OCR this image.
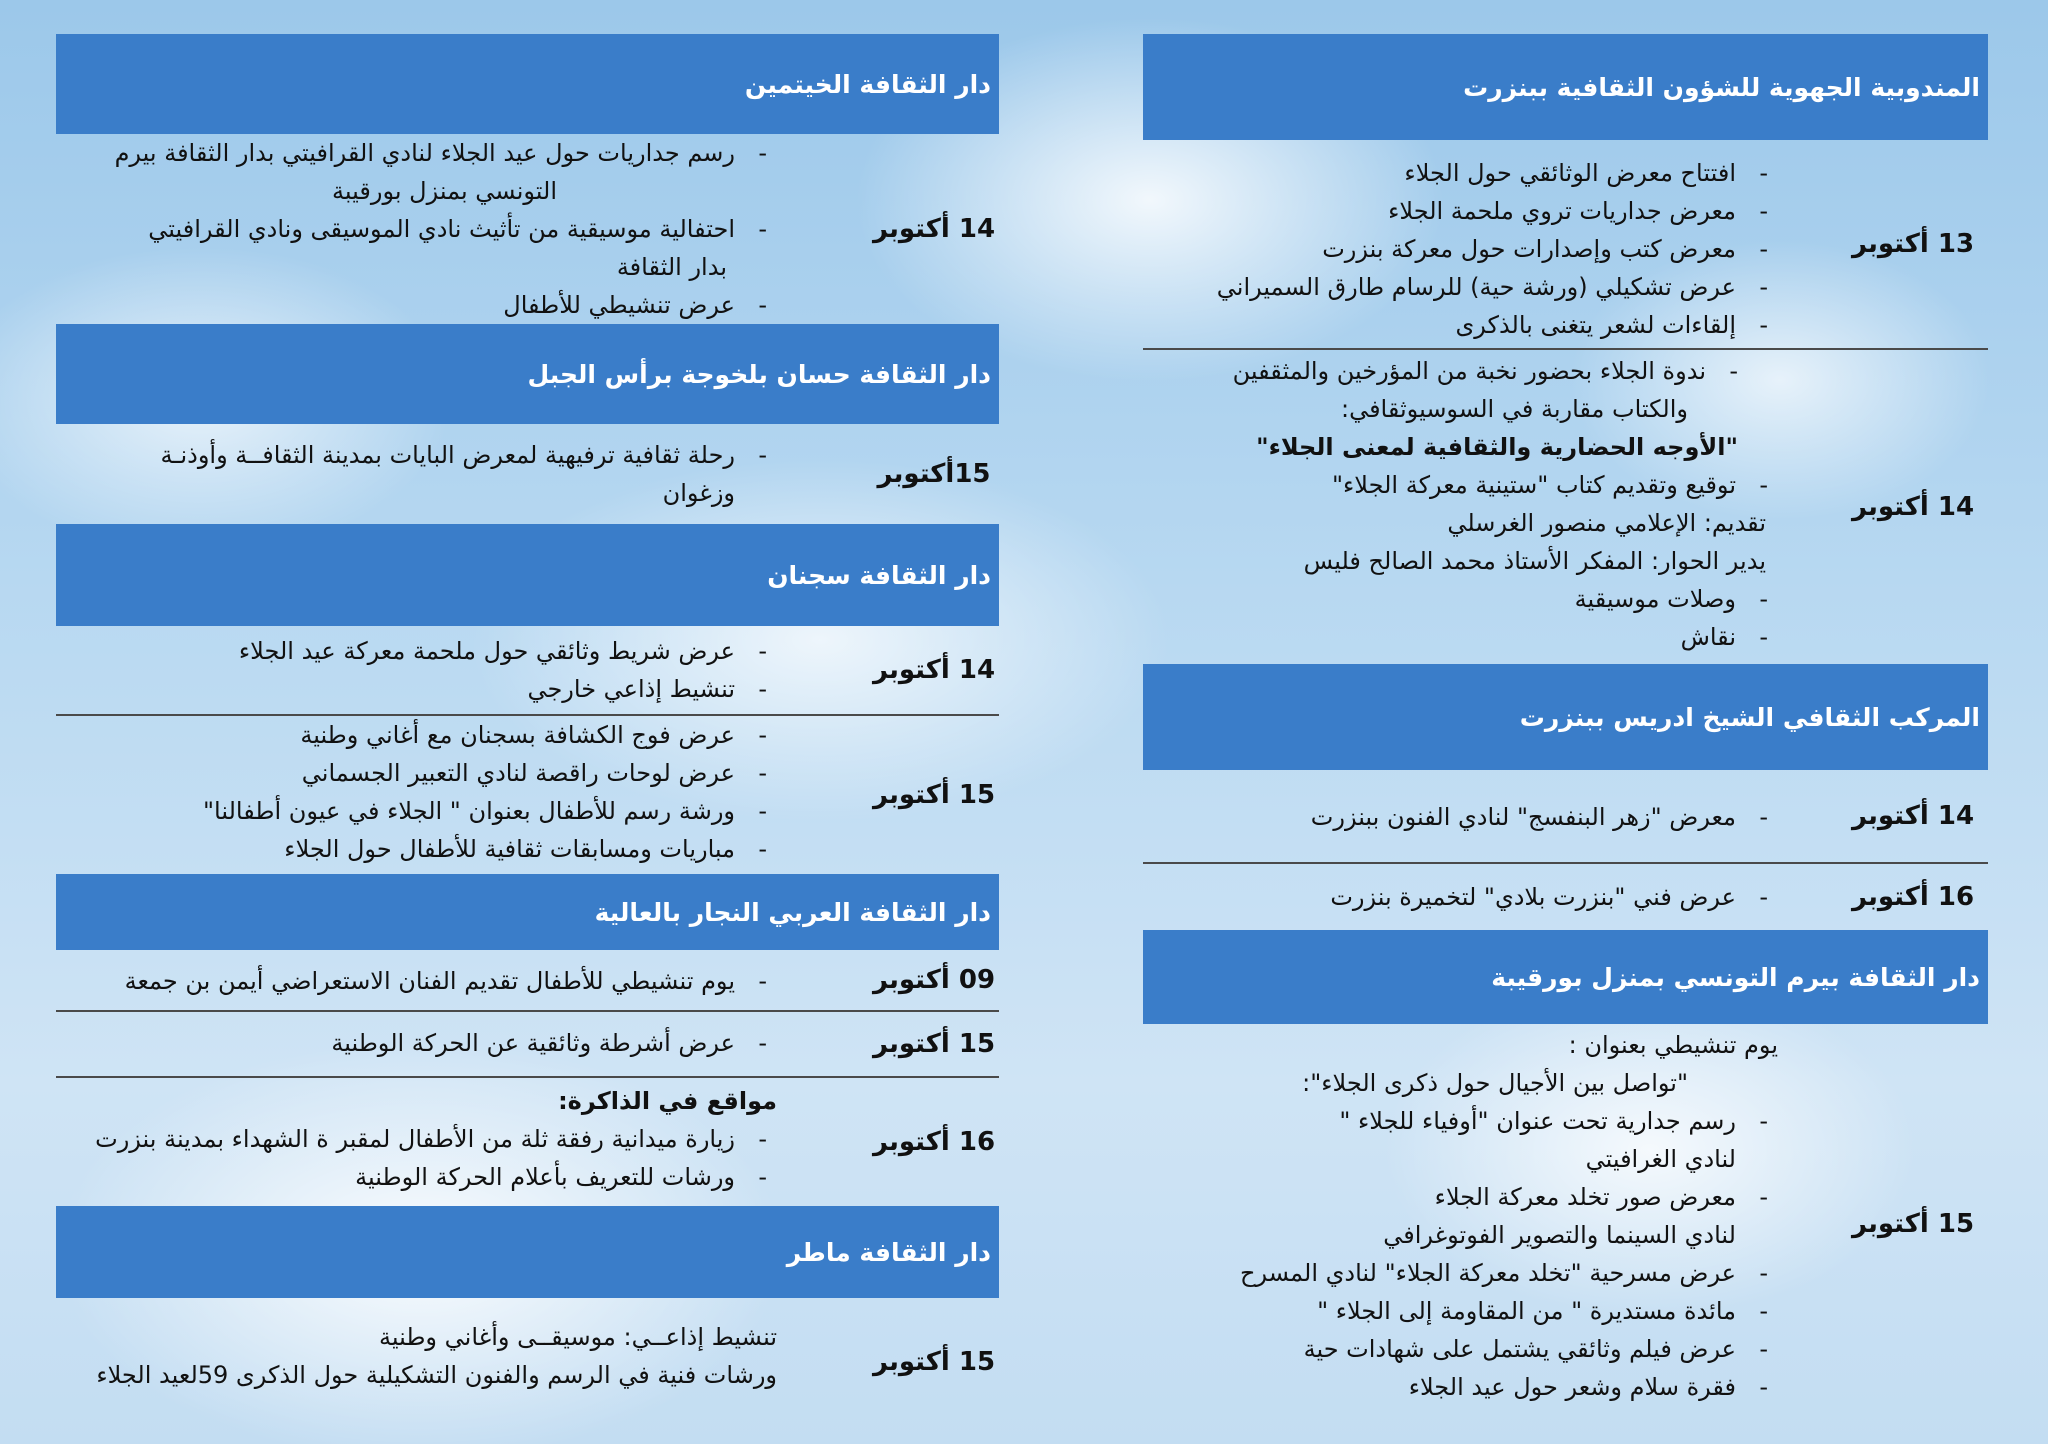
المندوبية الجهوية للشؤون الثقافية ببنزرت
13 أكتوبر
- افتتاح معرض الوثائقي حول الجلاء
- معرض جداريات تروي ملحمة الجلاء
- معرض كتب وإصدارات حول معركة بنزرت
- عرض تشكيلي (ورشة حية) للرسام طارق السميراني
- إلقاءات لشعر يتغنى بالذكرى
14 أكتوبر
- ندوة الجلاء بحضور نخبة من المؤرخين والمثقفين
والكتاب مقاربة في السوسيوثقافي:
"الأوجه الحضارية والثقافية لمعنى الجلاء"
- توقيع وتقديم كتاب "ستينية معركة الجلاء"
تقديم: الإعلامي منصور الغرسلي
يدير الحوار: المفكر الأستاذ محمد الصالح فليس
- وصلات موسيقية
- نقاش
المركب الثقافي الشيخ ادريس ببنزرت
14 أكتوبر
- معرض "زهر البنفسج" لنادي الفنون ببنزرت
16 أكتوبر
- عرض فني "بنزرت بلادي" لتخميرة بنزرت
دار الثقافة بيرم التونسي بمنزل بورقيبة
15 أكتوبر
يوم تنشيطي بعنوان :
"تواصل بين الأجيال حول ذكرى الجلاء":
- رسم جدارية تحت عنوان "أوفياء للجلاء "
لنادي الغرافيتي
- معرض صور تخلد معركة الجلاء
لنادي السينما والتصوير الفوتوغرافي
- عرض مسرحية "تخلد معركة الجلاء" لنادي المسرح
- مائدة مستديرة " من المقاومة إلى الجلاء "
- عرض فيلم وثائقي يشتمل على شهادات حية
- فقرة سلام وشعر حول عيد الجلاء
دار الثقافة الخيتمين
14 أكتوبر
- رسم جداريات حول عيد الجلاء لنادي القرافيتي بدار الثقافة بيرم
التونسي بمنزل بورقيبة
- احتفالية موسيقية من تأثيث نادي الموسيقى ونادي القرافيتي
بدار الثقافة
- عرض تنشيطي للأطفال
دار الثقافة حسان بلخوجة برأس الجبل
15أكتوبر
- رحلة ثقافية ترفيهية لمعرض البايات بمدينة الثقافــة وأوذنـة
وزغوان
دار الثقافة سجنان
14 أكتوبر
- عرض شريط وثائقي حول ملحمة معركة عيد الجلاء
- تنشيط إذاعي خارجي
15 أكتوبر
- عرض فوج الكشافة بسجنان مع أغاني وطنية
- عرض لوحات راقصة لنادي التعبير الجسماني
- ورشة رسم للأطفال بعنوان " الجلاء في عيون أطفالنا"
- مباريات ومسابقات ثقافية للأطفال حول الجلاء
دار الثقافة العربي النجار بالعالية
09 أكتوبر
- يوم تنشيطي للأطفال تقديم الفنان الاستعراضي أيمن بن جمعة
15 أكتوبر
- عرض أشرطة وثائقية عن الحركة الوطنية
16 أكتوبر
مواقع في الذاكرة:
- زيارة ميدانية رفقة ثلة من الأطفال لمقبر ة الشهداء بمدينة بنزرت
- ورشات للتعريف بأعلام الحركة الوطنية
دار الثقافة ماطر
15 أكتوبر
تنشيط إذاعــي: موسيقــى وأغاني وطنية
ورشات فنية في الرسم والفنون التشكيلية حول الذكرى 59لعيد الجلاء
